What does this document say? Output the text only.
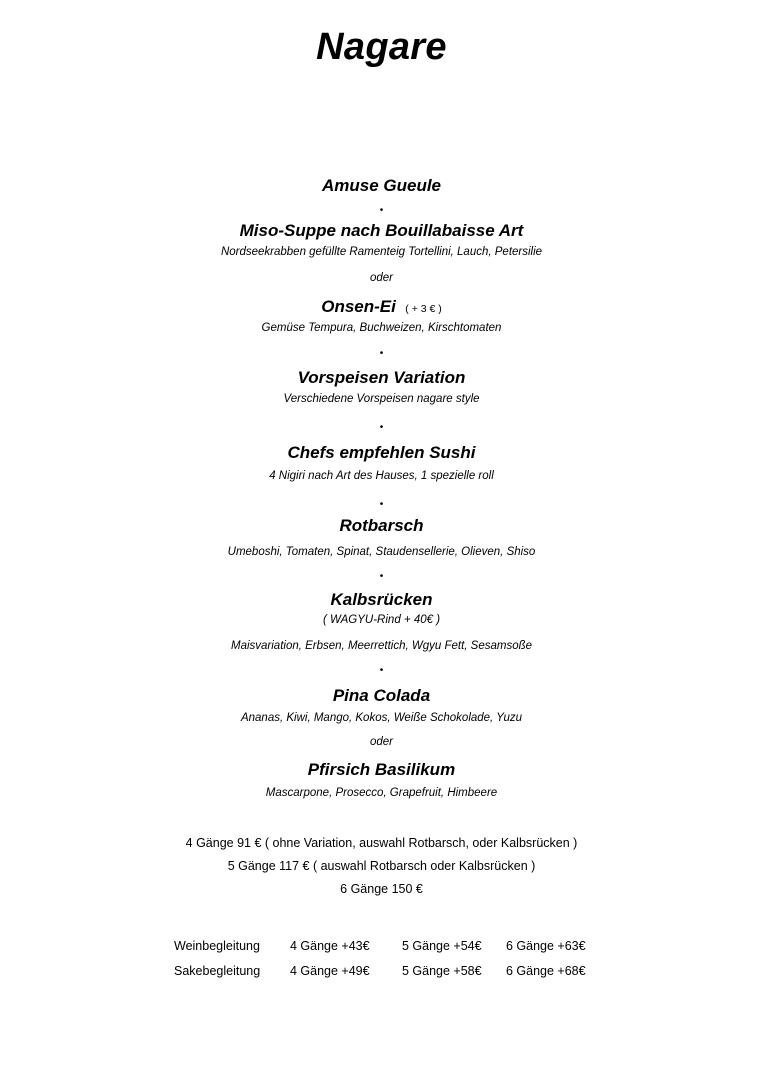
Nagare
Amuse Gueule
•
Miso-Suppe nach Bouillabaisse Art
Nordseekrabben gefüllte Ramenteig Tortellini, Lauch, Petersilie
oder
Onsen-Ei ( + 3 € )
Gemüse Tempura, Buchweizen, Kirschtomaten
•
Vorspeisen Variation
Verschiedene Vorspeisen nagare style
•
Chefs empfehlen Sushi
4 Nigiri nach Art des Hauses, 1 spezielle roll
•
Rotbarsch
Umeboshi, Tomaten, Spinat, Staudensellerie, Olieven, Shiso
•
Kalbsrücken
( WAGYU-Rind + 40€ )
Maisvariation, Erbsen, Meerrettich, Wgyu Fett, Sesamsoße
•
Pina Colada
Ananas, Kiwi, Mango, Kokos, Weiße Schokolade, Yuzu
oder
Pfirsich Basilikum
Mascarpone, Prosecco, Grapefruit, Himbeere
4 Gänge 91 € ( ohne Variation, auswahl Rotbarsch, oder Kalbsrücken )
5 Gänge 117 € ( auswahl Rotbarsch oder Kalbsrücken )
6 Gänge 150 €
Weinbegleitung 4 Gänge +43€	5 Gänge +54€ 6 Gänge +63€
Sakebegleitung 4 Gänge +49€	5 Gänge +58€ 6 Gänge +68€
